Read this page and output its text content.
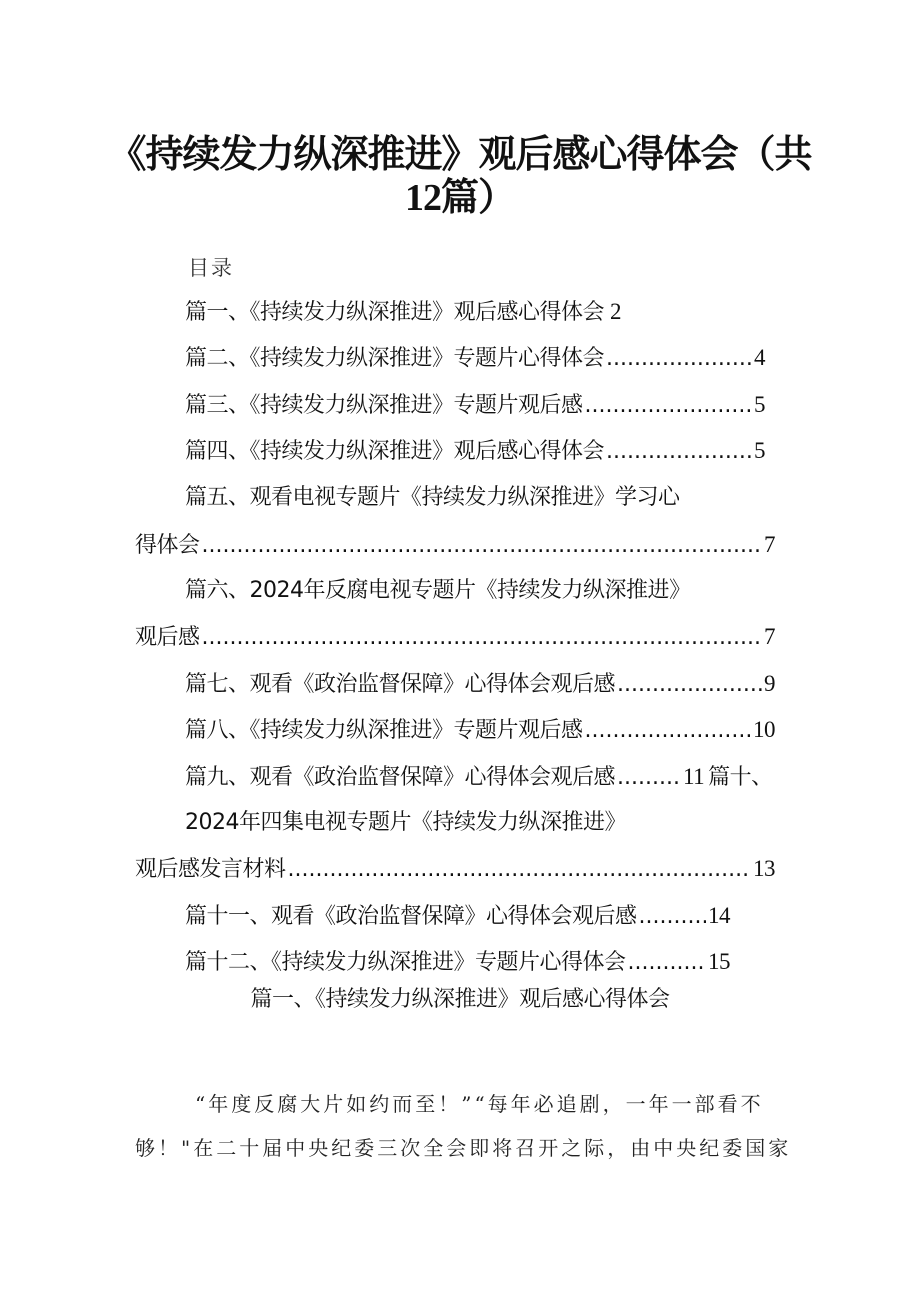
《持续发力纵深推进》观后感心得体会（共
12篇）
目录
篇一、《持续发力纵深推进》观后感心得体会 2
篇二、《持续发力纵深推进》专题片心得体会 .....	4
篇三、《持续发力纵深推进》专题片观后感 .....	5
篇四、《持续发力纵深推进》观后感心得体会 .....	5
篇五、观看电视专题片《持续发力纵深推进》学习心
得体会 .....	7
篇六、2024年反腐电视专题片《持续发力纵深推进》
观后感 .....	7
篇七、观看《政治监督保障》心得体会观后感 .....	9
篇八、《持续发力纵深推进》专题片观后感 .....	10
篇九、观看《政治监督保障》心得体会观后感 .....	11 篇十、
2024年四集电视专题片《持续发力纵深推进》
观后感发言材料 .....	13
篇十一、观看《政治监督保障》心得体会观后感 .....	14
篇十二、《持续发力纵深推进》专题片心得体会 .....	15
篇一、《持续发力纵深推进》观后感心得体会
“年度反腐大片如约而至！”“每年必追剧，一年一部看不够！"在二十届中央纪委三次全会即将召开之际，由中央纪委国家
